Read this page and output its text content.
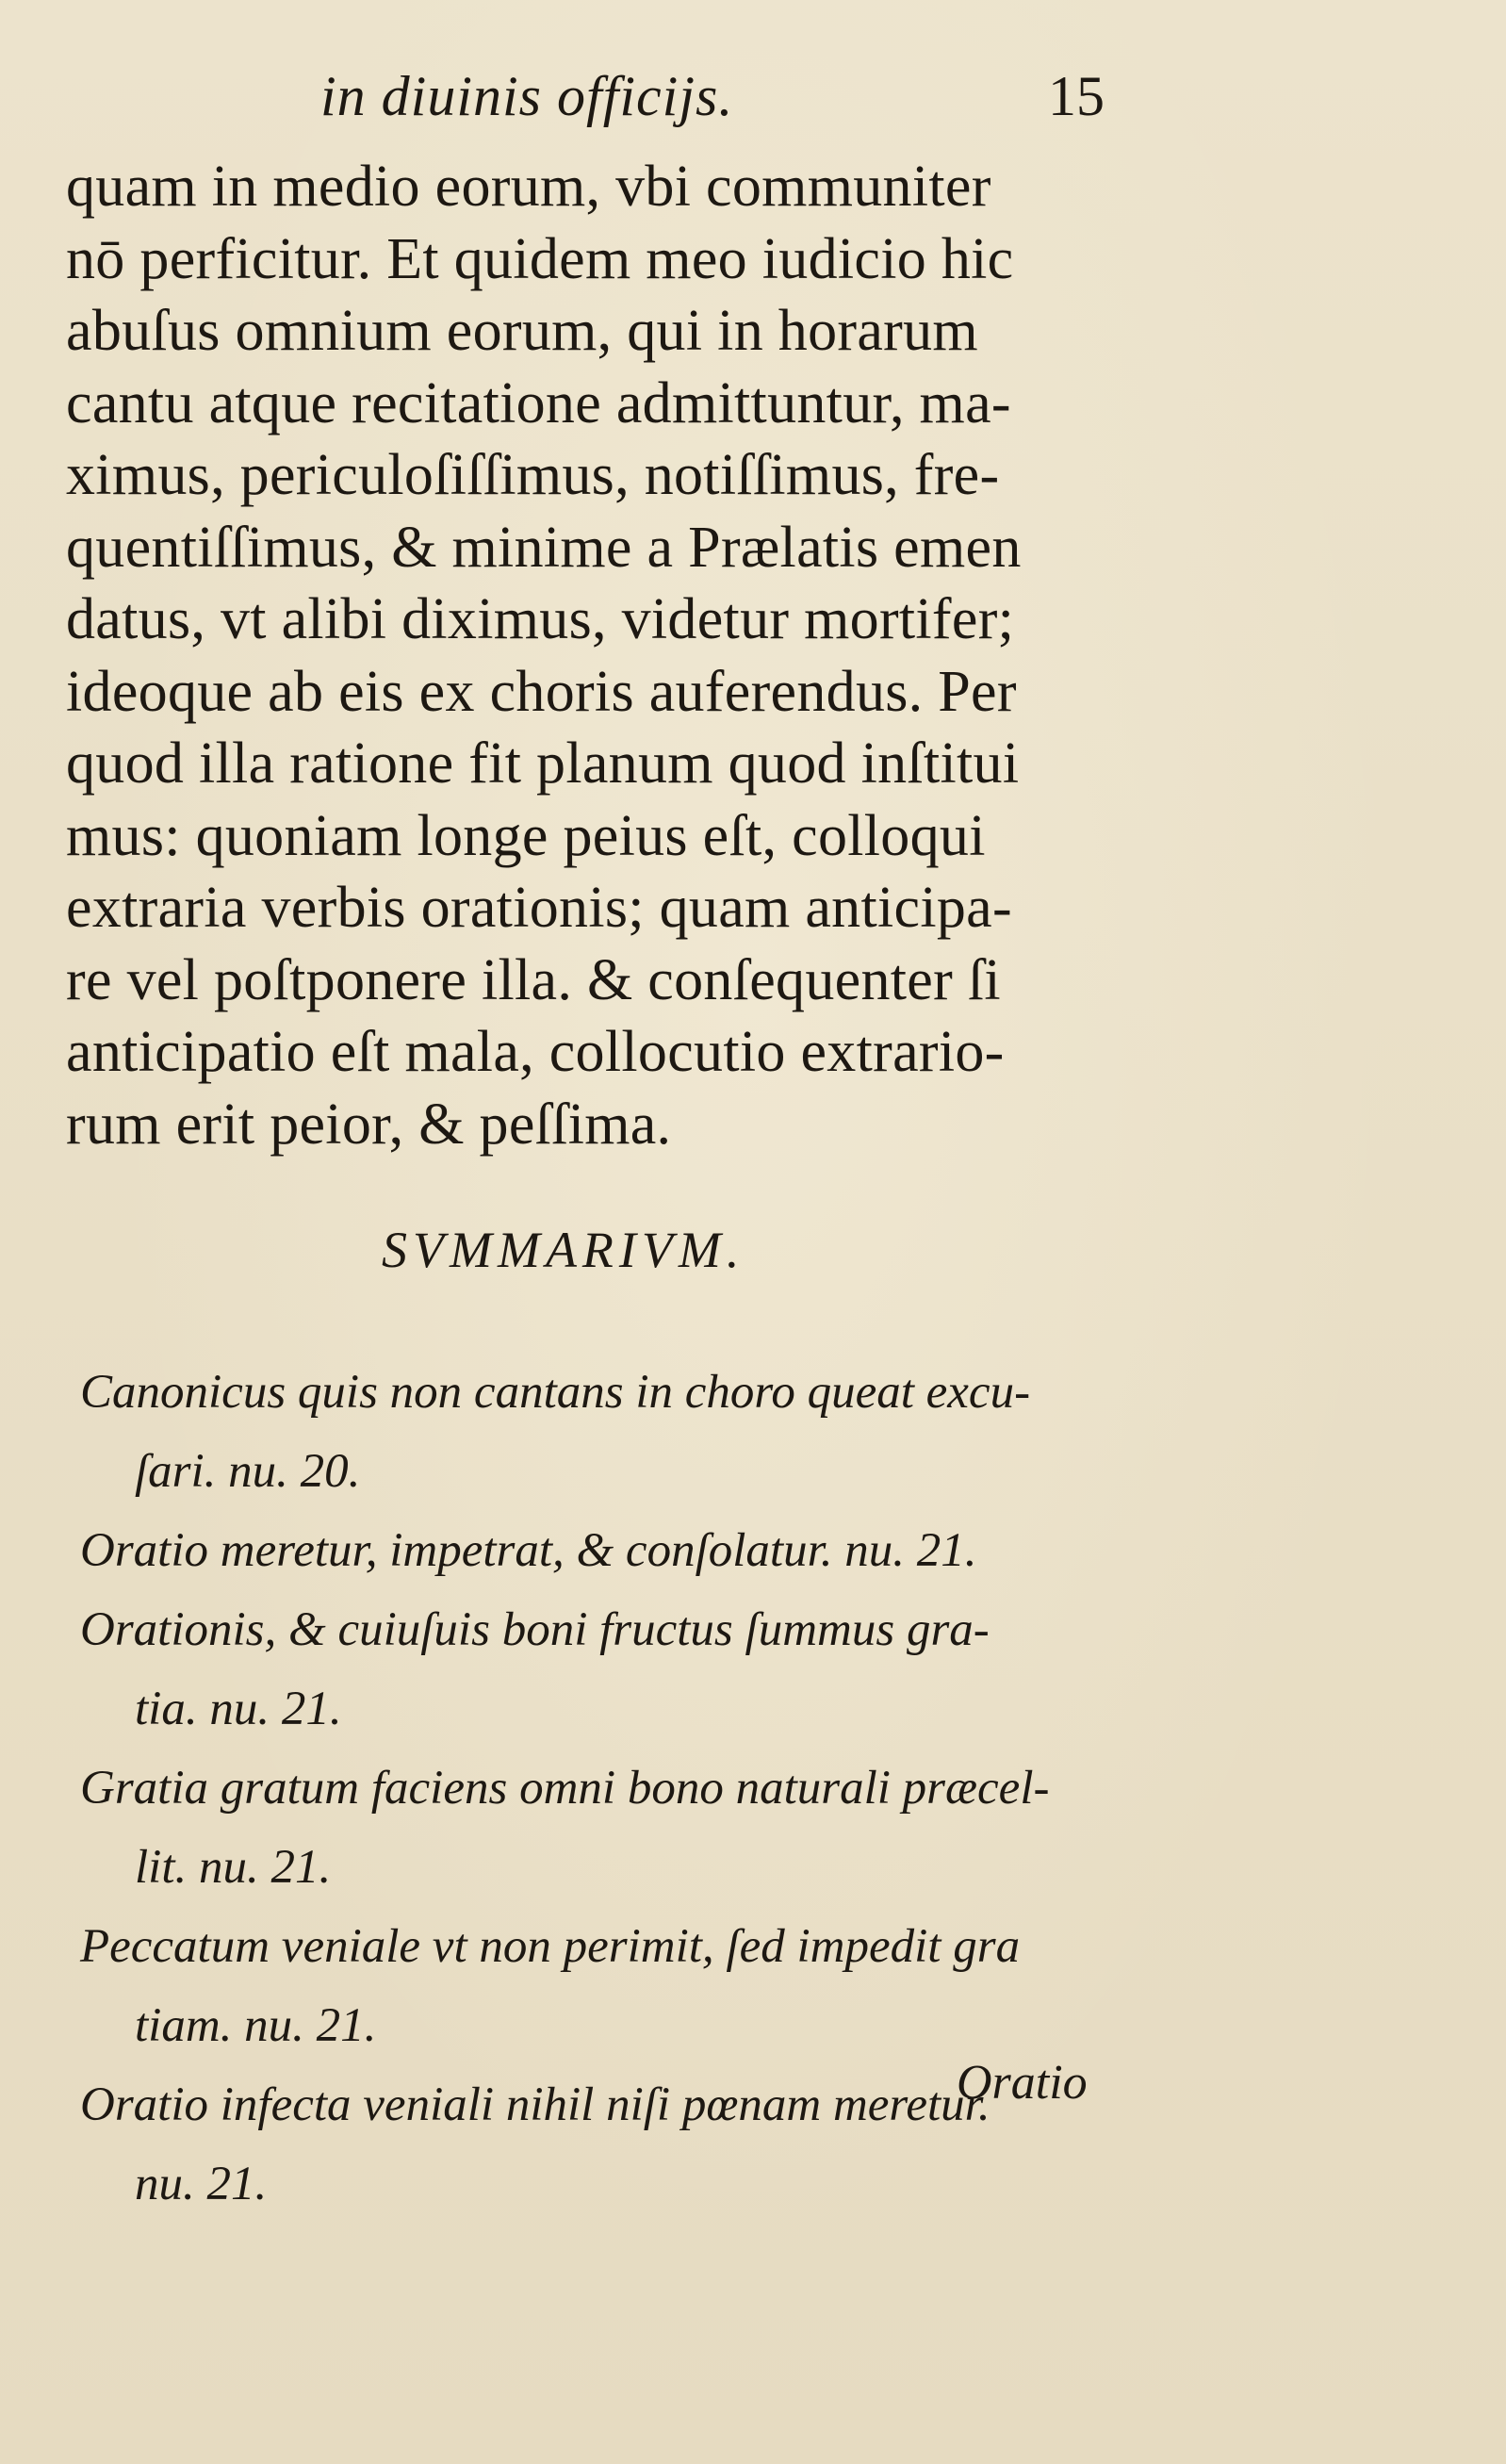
in diuinis officijs.	15
quam in medio eorum, vbi communiter
nō perficitur. Et quidem meo iudicio hic
abuſus omnium eorum, qui in horarum
cantu atque recitatione admittuntur, ma-
ximus, periculoſiſſimus, notiſſimus, fre-
quentiſſimus, & minime a Prælatis emen
datus, vt alibi diximus, videtur mortifer;
ideoque ab eis ex choris auferendus. Per
quod illa ratione fit planum quod inſtitui
mus: quoniam longe peius eſt, colloqui
extraria verbis orationis; quam anticipa-
re vel poſtponere illa. & conſequenter ſi
anticipatio eſt mala, collocutio extrario-
rum erit peior, & peſſima.
SVMMARIVM.
Canonicus quis non cantans in choro queat excu-
ſari. nu. 20.
Oratio meretur, impetrat, & conſolatur. nu. 21.
Orationis, & cuiuſuis boni fructus ſummus gra-
tia. nu. 21.
Gratia gratum faciens omni bono naturali præcel-
lit. nu. 21.
Peccatum veniale vt non perimit, ſed impedit gra
tiam. nu. 21.
Oratio infecta veniali nihil niſi pœnam meretur.
nu. 21.
Oratio
